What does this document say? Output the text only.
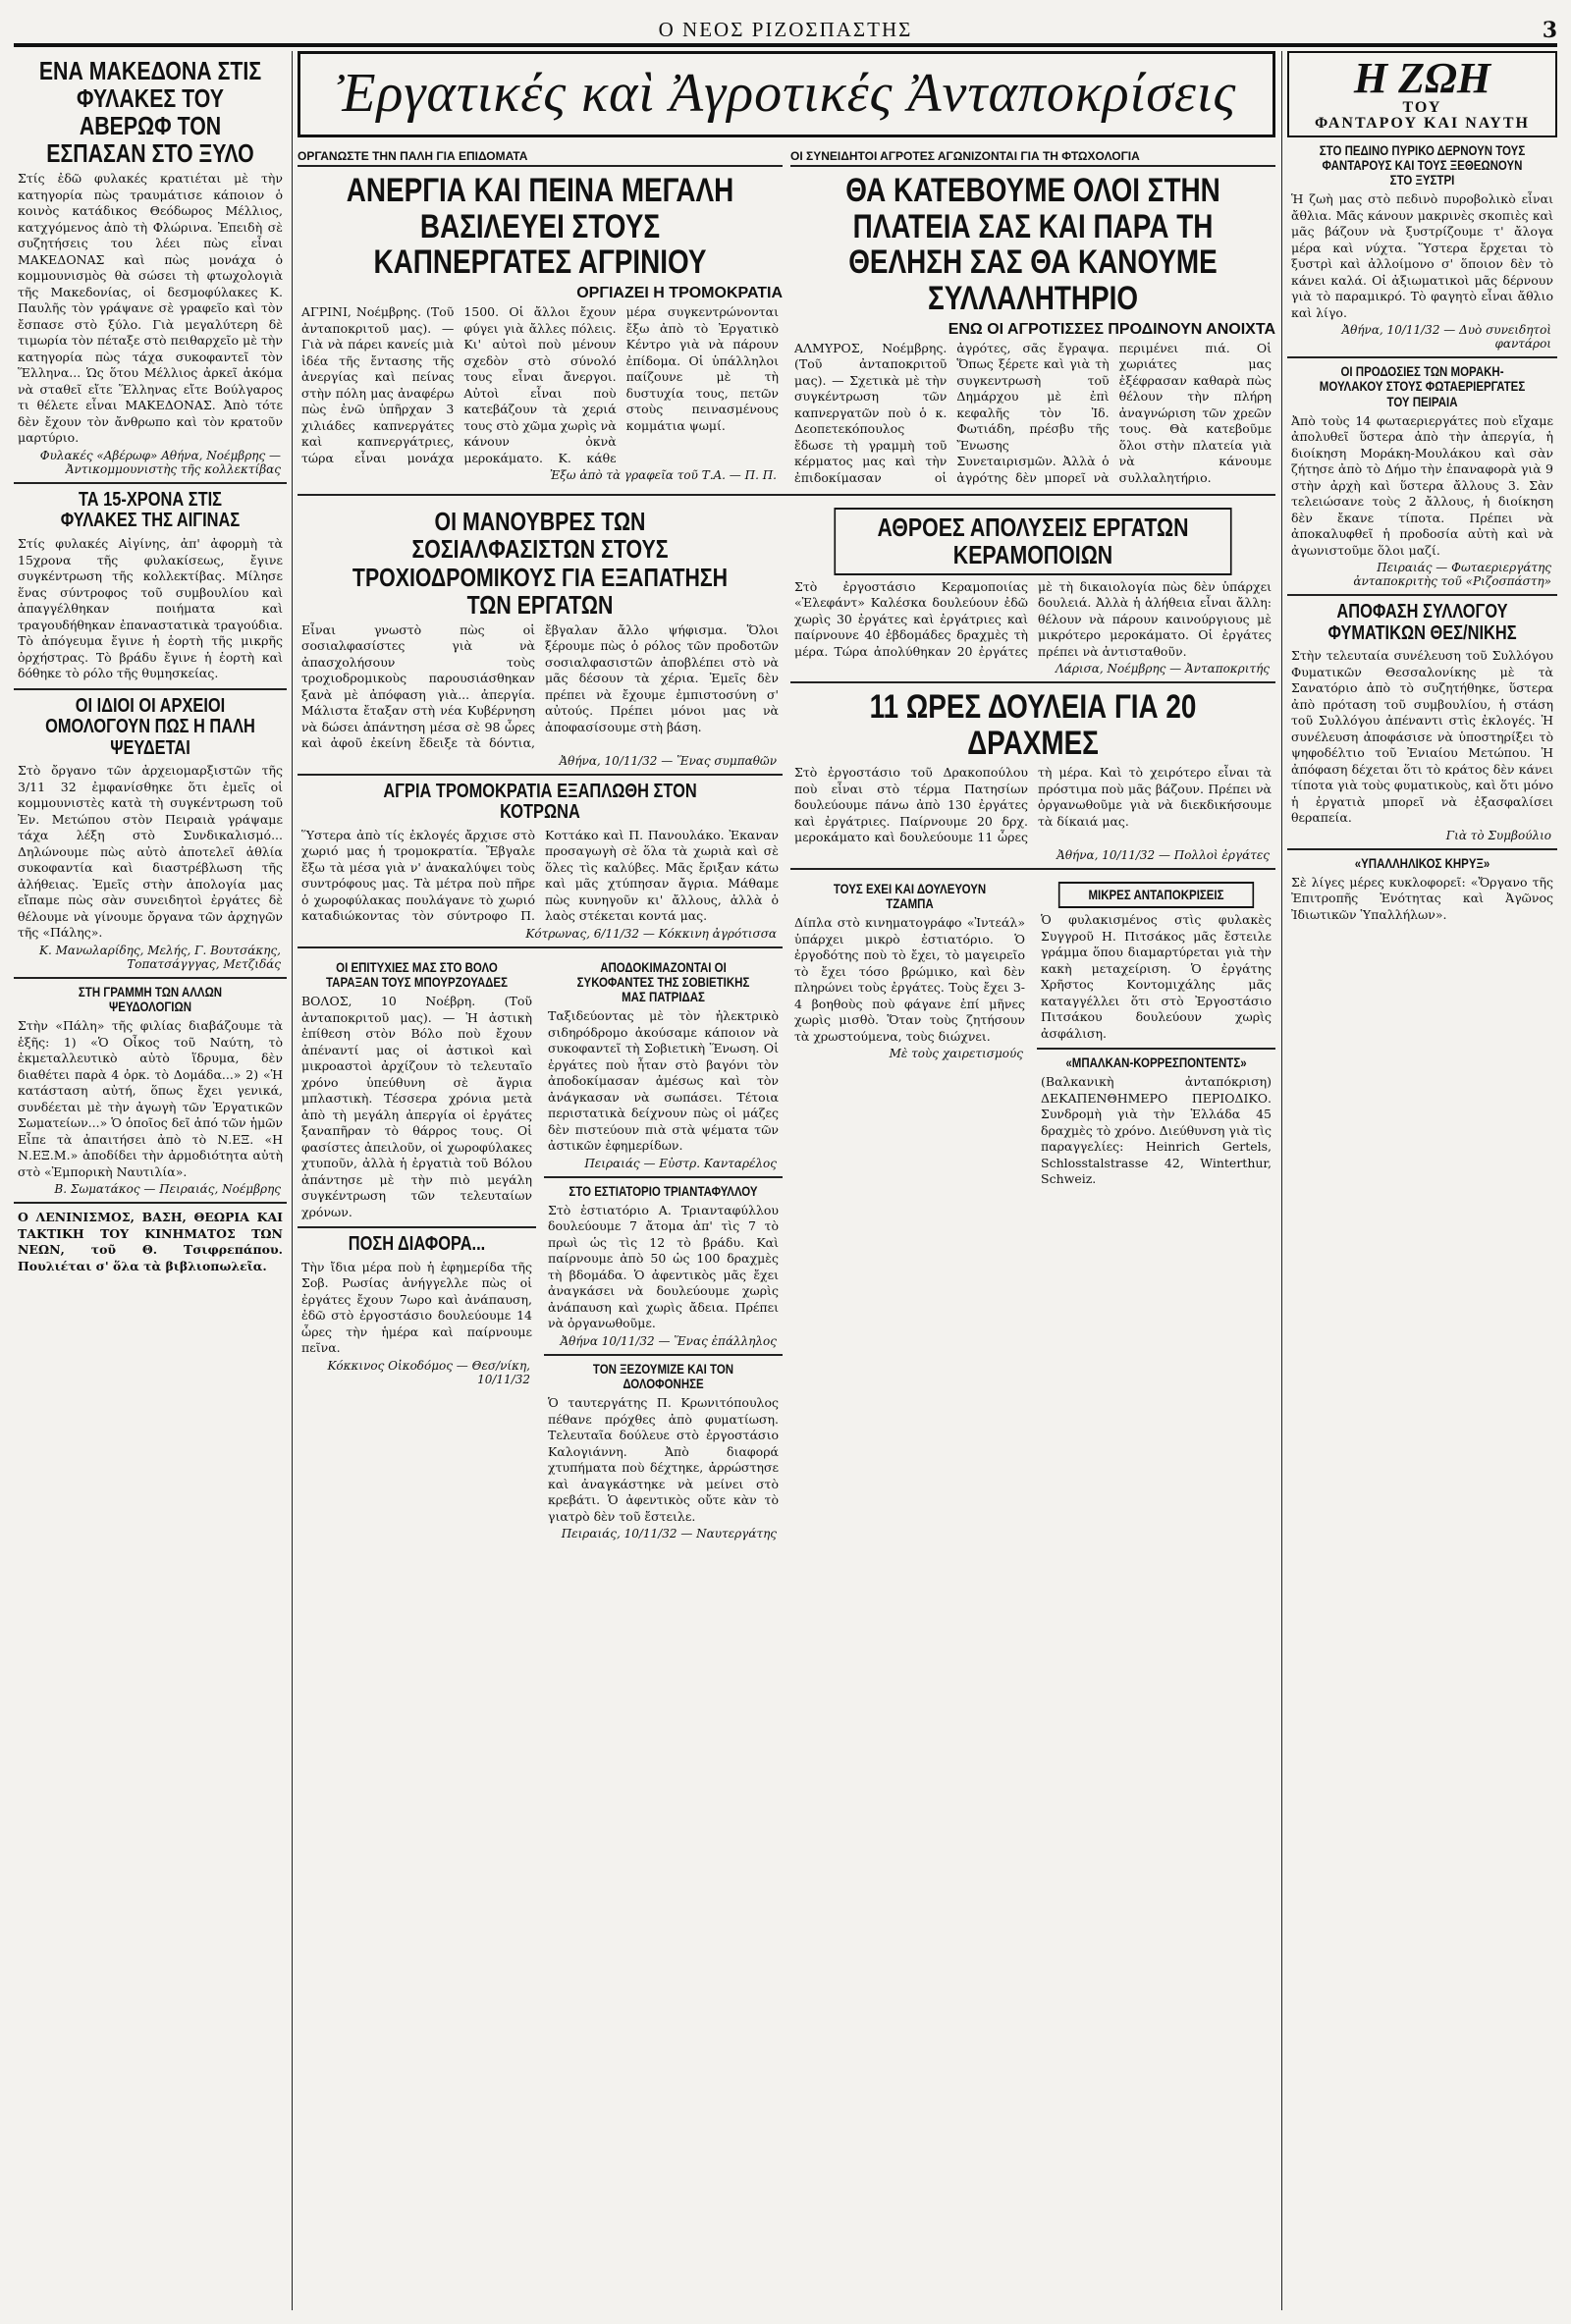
Ο ΝΕΟΣ ΡΙΖΟΣΠΑΣΤΗΣ	3
ΕΝΑ ΜΑΚΕΔΟΝΑ ΣΤΙΣ ΦΥΛΑΚΕΣ ΤΟΥ ΑΒΕΡΩΦ ΤΟΝ ΕΣΠΑΣΑΝ ΣΤΟ ΞΥΛΟ
Στίς ἐδῶ φυλακές κρατιέται μὲ τὴν κατηγορία πὼς τραυμάτισε κάποιον ὁ κοινὸς κατάδικος Θεόδωρος Μέλλιος, κατχγόμενος ἀπὸ τὴ Φλώρινα. Ἐπειδὴ σὲ συζητήσεις του λέει πὼς εἶναι ΜΑΚΕΔΟΝΑΣ καὶ πὼς μονάχα ὁ κομμουνισμὸς θὰ σώσει τὴ φτωχολογιὰ τῆς Μακεδονίας, οἱ δεσμοφύλακες Κ. Παυλῆς τὸν γράψανε σὲ γραφεῖο καὶ τὸν ἔσπασε στὸ ξύλο. Γιὰ μεγαλύτερη δὲ τιμωρία τὸν πέταξε στὸ πειθαρχεῖο μὲ τὴν κατηγορία πὼς τάχα συκοφαντεῖ τὸν Ἕλληνα... Ὡς ὅτου Μέλλιος ἀρκεῖ ἀκόμα νὰ σταθεῖ εἴτε Ἕλληνας εἴτε Βούλγαρος τι θέλετε εἶναι ΜΑΚΕΔΟΝΑΣ. Ἀπὸ τότε δὲν ἔχουν τὸν ἄνθρωπο καὶ τὸν κρατοῦν μαρτύριο.
Φυλακές «Αβέρωφ» Αθήνα, Νοέμβρης — Ἀντικομμουνιστὴς τῆς κολλεκτίβας
ΤΑ 15-ΧΡΟΝΑ ΣΤΙΣ ΦΥΛΑΚΕΣ ΤΗΣ ΑΙΓΙΝΑΣ
Στίς φυλακές Αἰγίνης, ἀπ' ἀφορμὴ τὰ 15χρονα τῆς φυλακίσεως, ἔγινε συγκέντρωση τῆς κολλεκτίβας. Μίλησε ἕνας σύντροφος τοῦ συμβουλίου καὶ ἀπαγγέλθηκαν ποιήματα καὶ τραγουδήθηκαν ἐπαναστατικὰ τραγούδια. Τὸ ἀπόγευμα ἔγινε ἡ ἑορτὴ τῆς μικρῆς ὀρχήστρας. Τὸ βράδυ ἔγινε ἡ ἑορτὴ καὶ δόθηκε τὸ ρόλο τῆς θυμησκείας.
ΟΙ ΙΔΙΟΙ ΟΙ ΑΡΧΕΙΟΙ ΟΜΟΛΟΓΟΥΝ ΠΩΣ Η ΠΑΛΗ ΨΕΥΔΕΤΑΙ
Στὸ ὄργανο τῶν ἀρχειομαρξιστῶν τῆς 3/11 32 ἐμφανίσθηκε ὅτι ἐμεῖς οἱ κομμουνιστὲς κατὰ τὴ συγκέντρωση τοῦ Ἐν. Μετώπου στὸν Πειραιὰ γράψαμε τάχα λέξη στὸ Συνδικαλισμό... Δηλώνουμε πὼς αὐτὸ ἀποτελεῖ ἀθλία συκοφαντία καὶ διαστρέβλωση τῆς ἀλήθειας. Ἐμεῖς στὴν ἀπολογία μας εἴπαμε πὼς σὰν συνειδητοὶ ἐργάτες δὲ θέλουμε νὰ γίνουμε ὄργανα τῶν ἀρχηγῶν τῆς «Πάλης».
Κ. Μανωλαρίδης, Μελής, Γ. Βουτσάκης, Τοπατσάγγγας, Μετζιδάς
ΣΤΗ ΓΡΑΜΜΗ ΤΩΝ ΑΛΛΩΝ ΨΕΥΔΟΛΟΓΙΩΝ
Στὴν «Πάλη» τῆς φιλίας διαβάζουμε τὰ ἑξῆς: 1) «Ὁ Οἶκος τοῦ Ναύτη, τὸ ἐκμεταλλευτικὸ αὐτὸ ἵδρυμα, δὲν διαθέτει παρὰ 4 ὀρκ. τὸ Δομάδα...» 2) «Ἡ κατάσταση αὐτή, ὅπως ἔχει γενικά, συνδέεται μὲ τὴν ἀγωγὴ τῶν Ἐργατικῶν Σωματείων...» Ὁ ὁποῖος δεῖ ἀπό τῶν ἡμῶν Εἶπε τὰ ἀπαιτήσει ἀπὸ τὸ Ν.ΕΞ. «Η Ν.ΕΞ.Μ.» ἀποδίδει τὴν ἀρμοδιότητα αὐτὴ στὸ «Ἐμπορικὴ Ναυτιλία».
Β. Σωματάκος — Πειραιάς, Νοέμβρης
Ο ΛΕΝΙΝΙΣΜΟΣ, ΒΑΣΗ, ΘΕΩΡΙΑ ΚΑΙ ΤΑΚΤΙΚΗ ΤΟΥ ΚΙΝΗΜΑΤΟΣ ΤΩΝ ΝΕΩΝ, τοῦ Θ. Τσιφρεπάπου. Πουλιέται σ' ὅλα τὰ βιβλιοπωλεῖα.
Ἐργατικές καὶ Ἀγροτικές Ἀνταποκρίσεις
ΟΡΓΑΝΩΣΤΕ ΤΗΝ ΠΑΛΗ ΓΙΑ ΕΠΙΔΟΜΑΤΑ
ΑΝΕΡΓΙΑ ΚΑΙ ΠΕΙΝΑ ΜΕΓΑΛΗ ΒΑΣΙΛΕΥΕΙ ΣΤΟΥΣ ΚΑΠΝΕΡΓΑΤΕΣ ΑΓΡΙΝΙΟΥ
ΟΡΓΙΑΖΕΙ Η ΤΡΟΜΟΚΡΑΤΙΑ
ΑΓΡΙΝΙ, Νοέμβρης. (Τοῦ ἀνταποκριτοῦ μας). — Γιὰ νὰ πάρει κανείς μιὰ ἰδέα τῆς ἔντασης τῆς ἀνεργίας καὶ πείνας στὴν πόλη μας ἀναφέρω πὼς ἐνῶ ὑπῆρχαν 3 χιλιάδες καπνεργάτες καὶ καπνεργάτριες, τώρα εἶναι μονάχα 1500. Οἱ ἄλλοι ἔχουν φύγει γιὰ ἄλλες πόλεις. Κι' αὐτοὶ ποὺ μένουν σχεδὸν στὸ σύνολό τους εἶναι ἄνεργοι. Αὐτοὶ εἶναι ποὺ κατεβάζουν τὰ χεριά τους στὸ χῶμα χωρὶς νὰ κάνουν ὀκνὰ μεροκάματο. Κ. κάθε μέρα συγκεντρώνονται ἔξω ἀπὸ τὸ Ἐργατικὸ Κέντρο γιὰ νὰ πάρουν ἐπίδομα. Οἱ ὑπάλληλοι παίζουνε μὲ τὴ δυστυχία τους, πετῶν στοὺς πεινασμένους κομμάτια ψωμί.
Ἐξω ἀπὸ τὰ γραφεῖα τοῦ Τ.Α. — Π. Π.
ΟΙ ΣΥΝΕΙΔΗΤΟΙ ΑΓΡΟΤΕΣ ΑΓΩΝΙΖΟΝΤΑΙ ΓΙΑ ΤΗ ΦΤΩΧΟΛΟΓΙΑ
ΘΑ ΚΑΤΕΒΟΥΜΕ ΟΛΟΙ ΣΤΗΝ ΠΛΑΤΕΙΑ ΣΑΣ ΚΑΙ ΠΑΡΑ ΤΗ ΘΕΛΗΣΗ ΣΑΣ ΘΑ ΚΑΝΟΥΜΕ ΣΥΛΛΑΛΗΤΗΡΙΟ
ΕΝΩ ΟΙ ΑΓΡΟΤΙΣΣΕΣ ΠΡΟΔΙΝΟΥΝ ΑΝΟΙΧΤΑ
ΑΛΜΥΡΟΣ, Νοέμβρης. (Τοῦ ἀνταποκριτοῦ μας). — Σχετικὰ μὲ τὴν συγκέντρωση τῶν καπνεργατῶν ποὺ ὁ κ. Δεοπετεκόπουλος ἔδωσε τὴ γραμμὴ τοῦ κέρματος μας καὶ τὴν ἐπιδοκίμασαν οἱ ἀγρότες, σᾶς ἔγραψα. Ὅπως ξέρετε καὶ γιὰ τὴ συγκεντρωσὴ τοῦ Δημάρχου μὲ ἐπὶ κεφαλῆς τὸν Ἰδ. Φωτιάδη, πρέσβυ τῆς Ἔνωσης Συνεταιρισμῶν. Ἀλλὰ ὁ ἀγρότης δὲν μπορεῖ νὰ περιμένει πιά. Οἱ χωριάτες μας ἐξέφρασαν καθαρὰ πὼς θέλουν τὴν πλήρη ἀναγνώριση τῶν χρεῶν τους. Θὰ κατεβοῦμε ὅλοι στὴν πλατεία γιὰ νὰ κάνουμε συλλαλητήριο.
ΟΙ ΜΑΝΟΥΒΡΕΣ ΤΩΝ ΣΟΣΙΑΛΦΑΣΙΣΤΩΝ ΣΤΟΥΣ ΤΡΟΧΙΟΔΡΟΜΙΚΟΥΣ ΓΙΑ ΕΞΑΠΑΤΗΣΗ ΤΩΝ ΕΡΓΑΤΩΝ
Εἶναι γνωστὸ πὼς οἱ σοσιαλφασίστες γιὰ νὰ ἀπασχολήσουν τοὺς τροχιοδρομικοὺς παρουσιάσθηκαν ξανὰ μὲ ἀπόφαση γιὰ... ἀπεργία. Μάλιστα ἔταξαν στὴ νέα Κυβέρνηση νὰ δώσει ἀπάντηση μέσα σὲ 98 ὧρες καὶ ἀφοῦ ἐκείνη ἔδειξε τὰ δόντια, ἔβγαλαν ἄλλο ψήφισμα. Ὅλοι ξέρουμε πὼς ὁ ρόλος τῶν προδοτῶν σοσιαλφασιστῶν ἀποβλέπει στὸ νὰ μᾶς δέσουν τὰ χέρια. Ἐμεῖς δὲν πρέπει νὰ ἔχουμε ἐμπιστοσύνη σ' αὐτούς. Πρέπει μόνοι μας νὰ ἀποφασίσουμε στὴ βάση.
Ἀθήνα, 10/11/32 — Ἕνας συμπαθῶν
ΑΓΡΙΑ ΤΡΟΜΟΚΡΑΤΙΑ ΕΞΑΠΛΩΘΗ ΣΤΟΝ ΚΟΤΡΩΝΑ
Ὕστερα ἀπὸ τίς ἐκλογές ἄρχισε στὸ χωριό μας ἡ τρομοκρατία. Ἔβγαλε ἔξω τὰ μέσα γιὰ ν' ἀνακαλύψει τοὺς συντρόφους μας. Τὰ μέτρα ποὺ πῆρε ὁ χωροφύλακας πουλάγανε τὸ χωριό καταδιώκοντας τὸν σύντροφο Π. Κοττάκο καὶ Π. Πανουλάκο. Ἐκαναν προσαγωγὴ σὲ ὅλα τὰ χωριὰ καὶ σὲ ὅλες τὶς καλύβες. Μᾶς ἔριξαν κάτω καὶ μᾶς χτύπησαν ἄγρια. Μάθαμε πὼς κυνηγοῦν κι' ἄλλους, ἀλλὰ ὁ λαὸς στέκεται κοντά μας.
Κότρωνας, 6/11/32 — Κόκκινη ἀγρότισσα
ΟΙ ΕΠΙΤΥΧΙΕΣ ΜΑΣ ΣΤΟ ΒΟΛΟ ΤΑΡΑΞΑΝ ΤΟΥΣ ΜΠΟΥΡΖΟΥΑΔΕΣ
ΒΟΛΟΣ, 10 Νοέβρη. (Τοῦ ἀνταποκριτοῦ μας). — Ἡ ἀστικὴ ἐπίθεση στὸν Βόλο ποὺ ἔχουν ἀπέναντί μας οἱ ἀστικοὶ καὶ μικροαστοὶ ἀρχίζουν τὸ τελευταῖο χρόνο ὑπεύθυνη σὲ ἄγρια μπλαστικὴ. Τέσσερα χρόνια μετὰ ἀπὸ τὴ μεγάλη ἀπεργία οἱ ἐργάτες ξαναπῆραν τὸ θάρρος τους. Οἱ φασίστες ἀπειλοῦν, οἱ χωροφύλακες χτυποῦν, ἀλλὰ ἡ ἐργατιὰ τοῦ Βόλου ἀπάντησε μὲ τὴν πιὸ μεγάλη συγκέντρωση τῶν τελευταίων χρόνων.
ΠΟΣΗ ΔΙΑΦΟΡΑ...
Τὴν ἴδια μέρα ποὺ ἡ ἐφημερίδα τῆς Σοβ. Ρωσίας ἀνήγγελλε πὼς οἱ ἐργάτες ἔχουν 7ωρο καὶ ἀνάπαυση, ἐδῶ στὸ ἐργοστάσιο δουλεύουμε 14 ὧρες τὴν ἡμέρα καὶ παίρνουμε πεῖνα.
Κόκκινος Οἰκοδόμος — Θεσ/νίκη, 10/11/32
ΑΠΟΔΟΚΙΜΑΖΟΝΤΑΙ ΟΙ ΣΥΚΟΦΑΝΤΕΣ ΤΗΣ ΣΟΒΙΕΤΙΚΗΣ ΜΑΣ ΠΑΤΡΙΔΑΣ
Ταξιδεύοντας μὲ τὸν ἠλεκτρικὸ σιδηρόδρομο ἀκούσαμε κάποιον νὰ συκοφαντεῖ τὴ Σοβιετικὴ Ἕνωση. Οἱ ἐργάτες ποὺ ἦταν στὸ βαγόνι τὸν ἀποδοκίμασαν ἀμέσως καὶ τὸν ἀνάγκασαν νὰ σωπάσει. Τέτοια περιστατικὰ δείχνουν πὼς οἱ μάζες δὲν πιστεύουν πιὰ στὰ ψέματα τῶν ἀστικῶν ἐφημερίδων.
Πειραιάς — Εὐστρ. Κανταρέλος
ΣΤΟ ΕΣΤΙΑΤΟΡΙΟ ΤΡΙΑΝΤΑΦΥΛΛΟΥ
Στὸ ἑστιατόριο Α. Τριανταφύλλου δουλεύουμε 7 ἄτομα ἀπ' τὶς 7 τὸ πρωὶ ὡς τὶς 12 τὸ βράδυ. Καὶ παίρνουμε ἀπὸ 50 ὡς 100 δραχμὲς τὴ βδομάδα. Ὁ ἀφεντικὸς μᾶς ἔχει ἀναγκάσει νὰ δουλεύουμε χωρὶς ἀνάπαυση καὶ χωρὶς ἄδεια. Πρέπει νὰ ὀργανωθοῦμε.
Ἀθήνα 10/11/32 — Ἕνας ἐπάλληλος
ΤΟΝ ΞΕΖΟΥΜΙΖΕ ΚΑΙ ΤΟΝ ΔΟΛΟΦΟΝΗΣΕ
Ὁ ταυτεργάτης Π. Κρωνιτόπουλος πέθανε πρόχθες ἀπὸ φυματίωση. Τελευταῖα δούλευε στὸ ἐργοστάσιο Καλογιάννη. Ἀπὸ διαφορά χτυπήματα ποὺ δέχτηκε, ἀρρώστησε καὶ ἀναγκάστηκε νὰ μείνει στὸ κρεβάτι. Ὁ ἀφεντικὸς οὔτε κὰν τὸ γιατρὸ δὲν τοῦ ἔστειλε.
Πειραιάς, 10/11/32 — Ναυτεργάτης
ΑΘΡΟΕΣ ΑΠΟΛΥΣΕΙΣ ΕΡΓΑΤΩΝ ΚΕΡΑΜΟΠΟΙΩΝ
Στὸ ἐργοστάσιο Κεραμοποιίας «Ἑλεφάντ» Καλέσκα δουλεύουν ἐδῶ χωρὶς 30 ἐργάτες καὶ ἐργάτριες καὶ παίρνουνε 40 ἑβδομάδες δραχμὲς τὴ μέρα. Τώρα ἀπολύθηκαν 20 ἐργάτες μὲ τὴ δικαιολογία πὼς δὲν ὑπάρχει δουλειά. Ἀλλὰ ἡ ἀλήθεια εἶναι ἄλλη: θέλουν νὰ πάρουν καινούργιους μὲ μικρότερο μεροκάματο. Οἱ ἐργάτες πρέπει νὰ ἀντισταθοῦν.
Λάρισα, Νοέμβρης — Ἀνταποκριτής
11 ΩΡΕΣ ΔΟΥΛΕΙΑ ΓΙΑ 20 ΔΡΑΧΜΕΣ
Στὸ ἐργοστάσιο τοῦ Δρακοπούλου ποὺ εἶναι στὸ τέρμα Πατησίων δουλεύουμε πάνω ἀπὸ 130 ἐργάτες καὶ ἐργάτριες. Παίρνουμε 20 δρχ. μεροκάματο καὶ δουλεύουμε 11 ὧρες τὴ μέρα. Καὶ τὸ χειρότερο εἶναι τὰ πρόστιμα ποὺ μᾶς βάζουν. Πρέπει νὰ ὀργανωθοῦμε γιὰ νὰ διεκδικήσουμε τὰ δίκαιά μας.
Ἀθήνα, 10/11/32 — Πολλοὶ ἐργάτες
ΤΟΥΣ ΕΧΕΙ ΚΑΙ ΔΟΥΛΕΥΟΥΝ ΤΖΑΜΠΑ
Δίπλα στὸ κινηματογράφο «Ἰντεάλ» ὑπάρχει μικρὸ ἐστιατόριο. Ὁ ἐργοδότης ποὺ τὸ ἔχει, τὸ μαγειρεῖο τὸ ἔχει τόσο βρώμικο, καὶ δὲν πληρώνει τοὺς ἐργάτες. Τοὺς ἔχει 3-4 βοηθοὺς ποὺ φάγανε ἐπί μῆνες χωρὶς μισθὸ. Ὅταν τοὺς ζητήσουν τὰ χρωστούμενα, τοὺς διώχνει.
Μὲ τοὺς χαιρετισμούς
ΜΙΚΡΕΣ ΑΝΤΑΠΟΚΡΙΣΕΙΣ
Ὁ φυλακισμένος στὶς φυλακὲς Συγγροῦ Η. Πιτσάκος μᾶς ἔστειλε γράμμα ὅπου διαμαρτύρεται γιὰ τὴν κακὴ μεταχείριση. Ὁ ἐργάτης Χρῆστος Κοντομιχάλης μᾶς καταγγέλλει ὅτι στὸ Ἐργοστάσιο Πιτσάκου δουλεύουν χωρὶς ἀσφάλιση.
«ΜΠΑΛΚΑΝ-ΚΟΡΡΕΣΠΟΝΤΕΝΤΣ»
(Βαλκανικὴ ἀνταπόκριση) ΔΕΚΑΠΕΝΘΗΜΕΡΟ ΠΕΡΙΟΔΙΚΟ. Συνδρομὴ γιὰ τὴν Ἑλλάδα 45 δραχμὲς τὸ χρόνο. Διεύθυνση γιὰ τὶς παραγγελίες: Heinrich Gertels, Schlosstalstrasse 42, Winterthur, Schweiz.
Η ΖΩΗ
ΤΟΥ
ΦΑΝΤΑΡΟΥ ΚΑΙ ΝΑΥΤΗ
ΣΤΟ ΠΕΔΙΝΟ ΠΥΡΙΚΟ ΔΕΡΝΟΥΝ ΤΟΥΣ ΦΑΝΤΑΡΟΥΣ ΚΑΙ ΤΟΥΣ ΞΕΘΕΩΝΟΥΝ ΣΤΟ ΞΥΣΤΡΙ
Ἡ ζωὴ μας στὸ πεδινὸ πυροβολικὸ εἶναι ἄθλια. Μᾶς κάνουν μακρινὲς σκοπιὲς καὶ μᾶς βάζουν νὰ ξυστρίζουμε τ' ἄλογα μέρα καὶ νύχτα. Ὕστερα ἔρχεται τὸ ξυστρὶ καὶ ἀλλοίμονο σ' ὅποιον δὲν τὸ κάνει καλά. Οἱ ἀξιωματικοὶ μᾶς δέρνουν γιὰ τὸ παραμικρό. Τὸ φαγητὸ εἶναι ἄθλιο καὶ λίγο.
Ἀθήνα, 10/11/32 — Δυὸ συνειδητοὶ φαντάροι
ΟΙ ΠΡΟΔΟΣΙΕΣ ΤΩΝ ΜΟΡΑΚΗ-ΜΟΥΛΑΚΟΥ ΣΤΟΥΣ ΦΩΤΑΕΡΙΕΡΓΑΤΕΣ ΤΟΥ ΠΕΙΡΑΙΑ
Ἀπὸ τοὺς 14 φωταεριεργάτες ποὺ εἴχαμε ἀπολυθεῖ ὕστερα ἀπὸ τὴν ἀπεργία, ἡ διοίκηση Μοράκη-Μουλάκου καὶ σὰν ζήτησε ἀπὸ τὸ Δήμο τὴν ἐπαναφορὰ γιὰ 9 στὴν ἀρχὴ καὶ ὕστερα ἄλλους 3. Σὰν τελειώσανε τοὺς 2 ἄλλους, ἡ διοίκηση δὲν ἔκανε τίποτα. Πρέπει νὰ ἀποκαλυφθεῖ ἡ προδοσία αὐτὴ καὶ νὰ ἀγωνιστοῦμε ὅλοι μαζί.
Πειραιάς — Φωταεριεργάτης ἀνταποκριτὴς τοῦ «Ριζοσπάστη»
ΑΠΟΦΑΣΗ ΣΥΛΛΟΓΟΥ ΦΥΜΑΤΙΚΩΝ ΘΕΣ/ΝΙΚΗΣ
Στὴν τελευταία συνέλευση τοῦ Συλλόγου Φυματικῶν Θεσσαλονίκης μὲ τὰ Σανατόριο ἀπὸ τὸ συζητήθηκε, ὕστερα ἀπὸ πρόταση τοῦ συμβουλίου, ἡ στάση τοῦ Συλλόγου ἀπέναντι στὶς ἐκλογές. Ἡ συνέλευση ἀποφάσισε νὰ ὑποστηρίξει τὸ ψηφοδέλτιο τοῦ Ἐνιαίου Μετώπου. Ἡ ἀπόφαση δέχεται ὅτι τὸ κράτος δὲν κάνει τίποτα γιὰ τοὺς φυματικοὺς, καὶ ὅτι μόνο ἡ ἐργατιὰ μπορεῖ νὰ ἐξασφαλίσει θεραπεία.
Γιὰ τὸ Συμβούλιο
«ΥΠΑΛΛΗΛΙΚΟΣ ΚΗΡΥΞ»
Σὲ λίγες μέρες κυκλοφορεῖ: «Ὄργανο τῆς Ἐπιτροπῆς Ἑνότητας καὶ Ἀγῶνος Ἰδιωτικῶν Ὑπαλλήλων».
